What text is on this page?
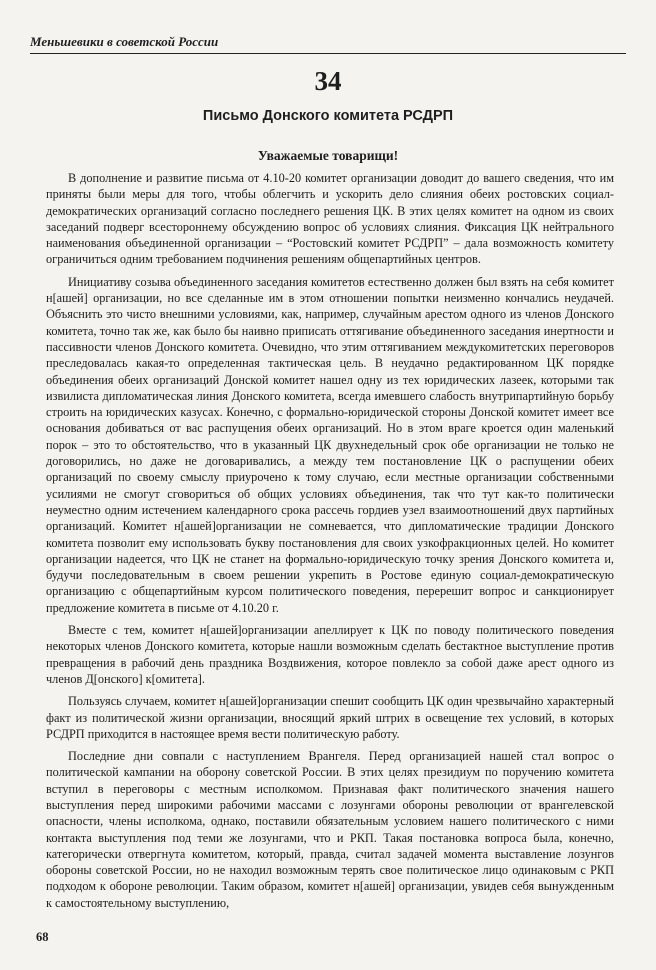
Меньшевики в советской России
34
Письмо Донского комитета РСДРП
Уважаемые товарищи!

В дополнение и развитие письма от 4.10-20 комитет организации доводит до вашего сведения, что им приняты были меры для того, чтобы облегчить и ускорить дело слияния обеих ростовских социал-демократических организаций согласно последнего решения ЦК. В этих целях комитет на одном из своих заседаний подверг всестороннему обсуждению вопрос об условиях слияния. Фиксация ЦК нейтрального наименования объединенной организации – “Ростовский комитет РСДРП” – дала возможность комитету ограничиться одним требованием подчинения решениям общепартийных центров.

Инициативу созыва объединенного заседания комитетов естественно должен был взять на себя комитет н[ашей] организации, но все сделанные им в этом отношении попытки неизменно кончались неудачей. Объяснить это чисто внешними условиями, как, например, случайным арестом одного из членов Донского комитета, точно так же, как было бы наивно приписать оттягивание объединенного заседания инертности и пассивности членов Донского комитета. Очевидно, что этим оттягиванием междукомитетских переговоров преследовалась какая-то определенная тактическая цель. В неудачно редактированном ЦК порядке объединения обеих организаций Донской комитет нашел одну из тех юридических лазеек, которыми так извилиста дипломатическая линия Донского комитета, всегда имевшего слабость внутрипартийную борьбу строить на юридических казусах. Конечно, с формально-юридической стороны Донской комитет имеет все основания добиваться от вас распущения обеих организаций. Но в этом враге кроется один маленький порок – это то обстоятельство, что в указанный ЦК двухнедельный срок обе организации не только не договорились, но даже не договаривались, а между тем постановление ЦК о распущении обеих организаций по своему смыслу приурочено к тому случаю, если местные организации собственными усилиями не смогут сговориться об общих условиях объединения, так что тут как-то политически неуместно одним истечением календарного срока рассечь гордиев узел взаимоотношений двух партийных организаций. Комитет н[ашей]организации не сомневается, что дипломатические традиции Донского комитета позволит ему использовать букву постановления для своих узкофракционных целей. Но комитет организации надеется, что ЦК не станет на формально-юридическую точку зрения Донского комитета и, будучи последовательным в своем решении укрепить в Ростове единую социал-демократическую организацию с общепартийным курсом политического поведения, перерешит вопрос и санкционирует предложение комитета в письме от 4.10.20 г.

Вместе с тем, комитет н[ашей]организации апеллирует к ЦК по поводу политического поведения некоторых членов Донского комитета, которые нашли возможным сделать бестактное выступление против превращения в рабочий день праздника Воздвижения, которое повлекло за собой даже арест одного из членов Д[онского] к[омитета].

Пользуясь случаем, комитет н[ашей]организации спешит сообщить ЦК один чрезвычайно характерный факт из политической жизни организации, вносящий яркий штрих в освещение тех условий, в которых РСДРП приходится в настоящее время вести политическую работу.

Последние дни совпали с наступлением Врангеля. Перед организацией нашей стал вопрос о политической кампании на оборону советской России. В этих целях президиум по поручению комитета вступил в переговоры с местным исполкомом. Признавая факт политического значения нашего выступления перед широкими рабочими массами с лозунгами обороны революции от врангелевской опасности, члены исполкома, однако, поставили обязательным условием нашего политического с ними контакта выступления под теми же лозунгами, что и РКП. Такая постановка вопроса была, конечно, категорически отвергнута комитетом, который, правда, считал задачей момента выставление лозунгов обороны советской России, но не находил возможным терять свое политическое лицо одинаковым с РКП подходом к обороне революции. Таким образом, комитет н[ашей] организации, увидев себя вынужденным к самостоятельному выступлению,

68
